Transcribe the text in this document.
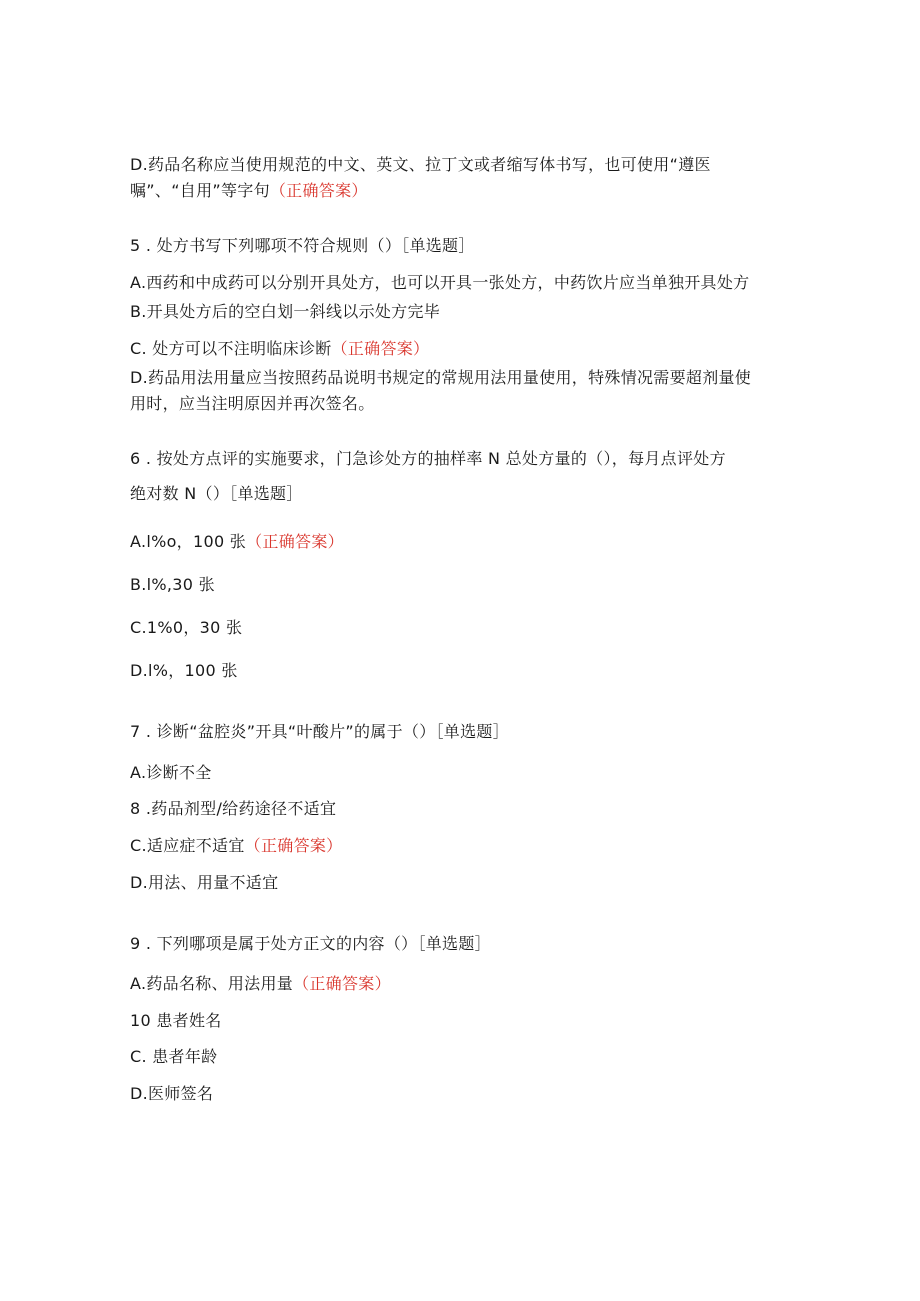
D.药品名称应当使用规范的中文、英文、拉丁文或者缩写体书写，也可使用“遵医
嘱”、“自用”等字句（正确答案）
5 . 处方书写下列哪项不符合规则（）［单选题］
A.西药和中成药可以分别开具处方，也可以开具一张处方，中药饮片应当单独开具处方
B.开具处方后的空白划一斜线以示处方完毕
C. 处方可以不注明临床诊断（正确答案）
D.药品用法用量应当按照药品说明书规定的常规用法用量使用，特殊情况需要超剂量使
用时，应当注明原因并再次签名。
6 . 按处方点评的实施要求，门急诊处方的抽样率 N 总处方量的（），每月点评处方
绝对数 N（）［单选题］
A.l%o，100 张（正确答案）
B.l%,30 张
C.1%0，30 张
D.l%，100 张
7 . 诊断“盆腔炎”开具“叶酸片”的属于（）［单选题］
A.诊断不全
8 .药品剂型/给药途径不适宜
C.适应症不适宜（正确答案）
D.用法、用量不适宜
9 . 下列哪项是属于处方正文的内容（）［单选题］
A.药品名称、用法用量（正确答案）
10 患者姓名
C. 患者年龄
D.医师签名
